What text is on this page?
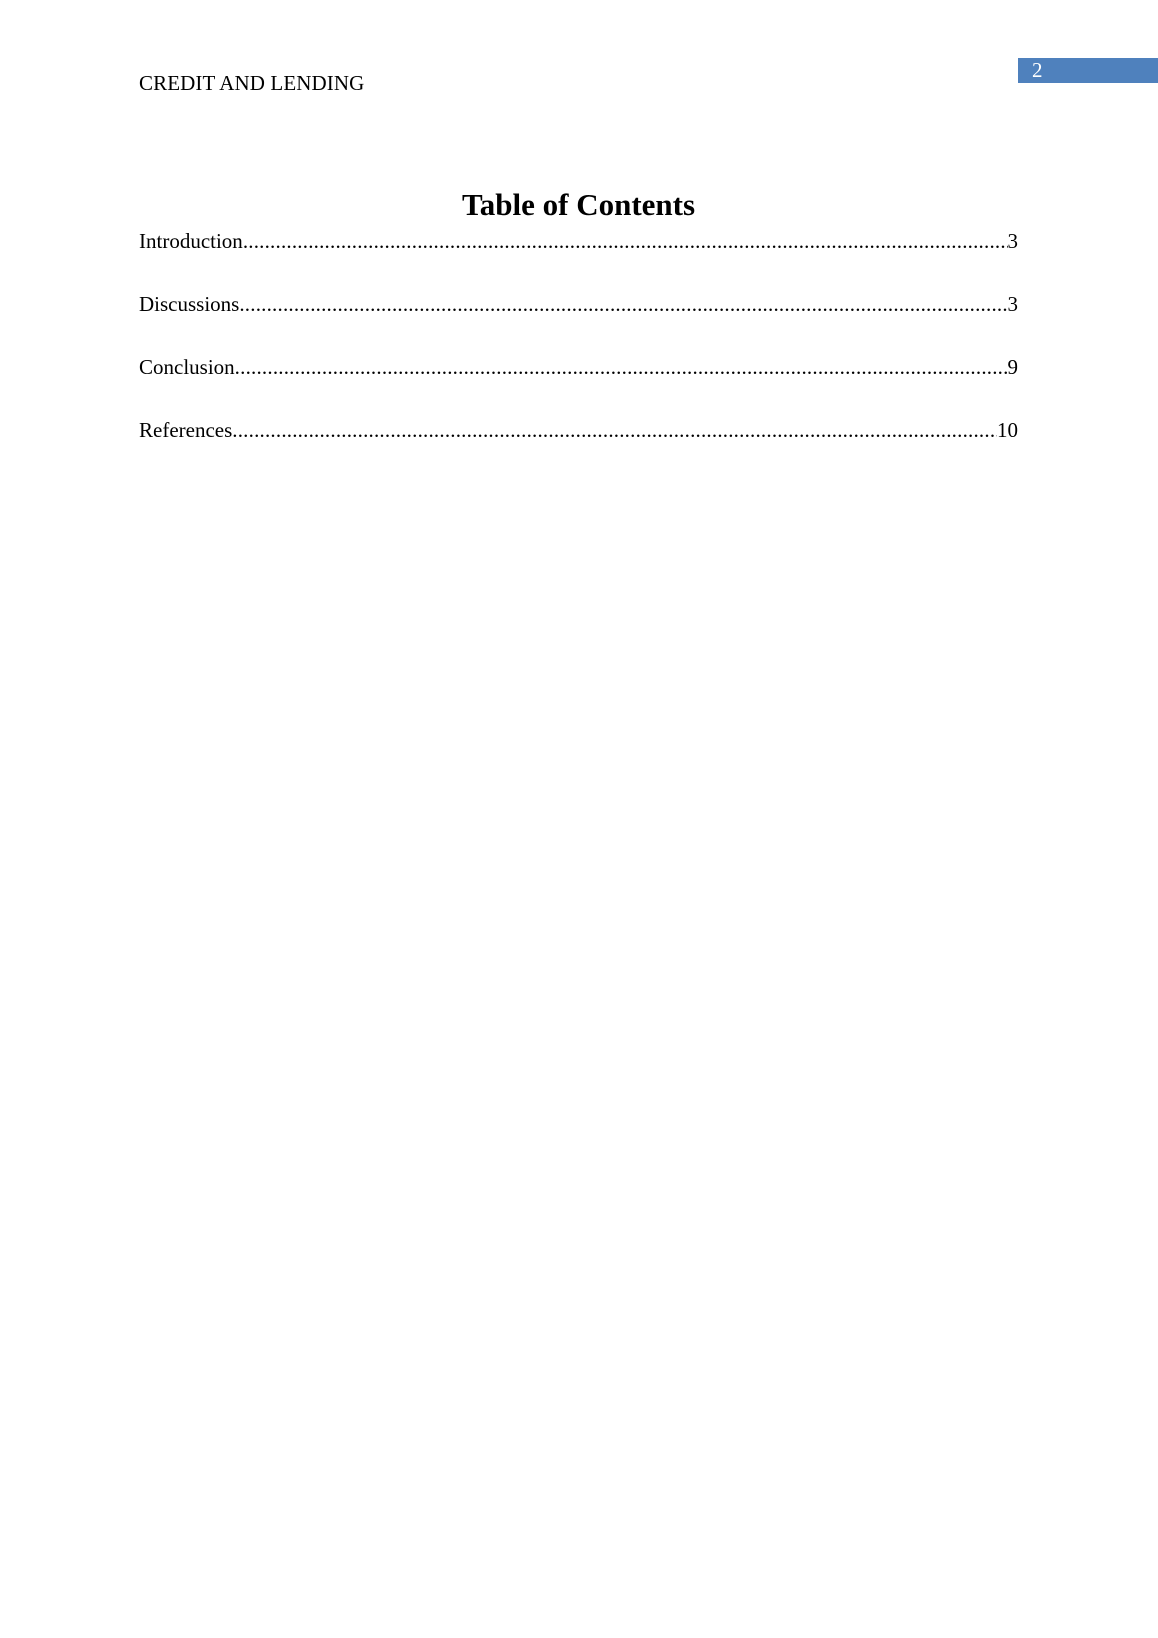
CREDIT AND LENDING
2
Table of Contents
Introduction .....	3
Discussions .....	3
Conclusion .....	9
References .....	10
